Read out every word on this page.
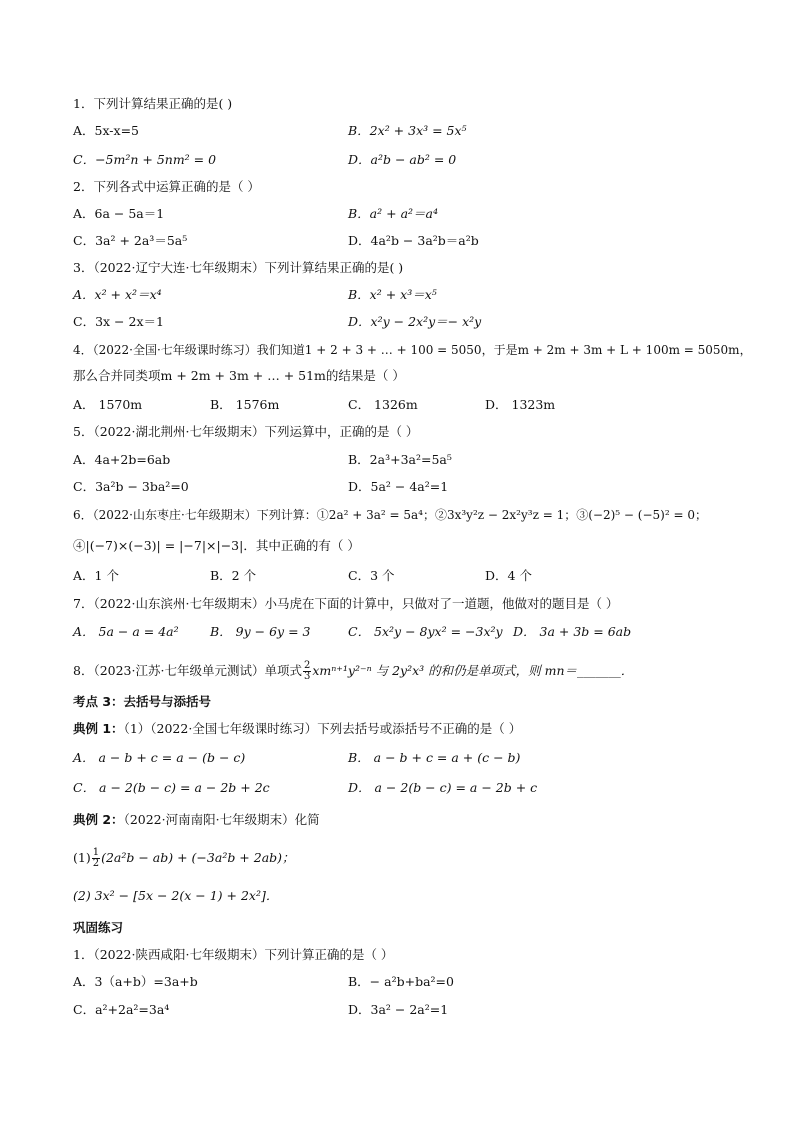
1．下列计算结果正确的是( )
A．5x-x=5	B．2x² + 3x³ = 5x⁵
C．−5m²n + 5nm² = 0	D．a²b − ab² = 0
2．下列各式中运算正确的是（ ）
A．6a − 5a＝1	B．a² + a²＝a⁴
C．3a² + 2a³＝5a⁵	D．4a²b − 3a²b＝a²b
3．（2022·辽宁大连·七年级期末）下列计算结果正确的是( )
A．x² + x²＝x⁴	B．x² + x³＝x⁵
C．3x − 2x＝1	D．x²y − 2x²y＝− x²y
4．（2022·全国·七年级课时练习）我们知道1 + 2 + 3 + … + 100 = 5050，于是m + 2m + 3m + L + 100m = 5050m，
那么合并同类项m + 2m + 3m + … + 51m的结果是（ ）
A． 1570m	B． 1576m	C． 1326m	D． 1323m
5．（2022·湖北荆州·七年级期末）下列运算中，正确的是（ ）
A．4a+2b=6ab	B．2a³+3a²=5a⁵
C．3a²b − 3ba²=0	D．5a² − 4a²=1
6．（2022·山东枣庄·七年级期末）下列计算：①2a² + 3a² = 5a⁴；②3x³y²z − 2x²y³z = 1；③(−2)⁵ − (−5)² = 0；
④|(−7)×(−3)| = |−7|×|−3|．其中正确的有（ ）
A．1 个	B．2 个	C．3 个	D．4 个
7．（2022·山东滨州·七年级期末）小马虎在下面的计算中，只做对了一道题，他做对的题目是（ ）
A． 5a − a = 4a²	B． 9y − 6y = 3	C． 5x²y − 8yx² = −3x²y D． 3a + 3b = 6ab
8．（2023·江苏·七年级单元测试）单项式 $\frac{2}{3} xm^{n+1}y^{2-n}$ 与 2y²x³ 的和仍是单项式，则 mn＝_______．
考点 3：去括号与添括号
典例 1：（1）（2022·全国七年级课时练习）下列去括号或添括号不正确的是（ ）
A． a − b + c = a − (b − c)	B． a − b + c = a + (c − b)
C． a − 2(b − c) = a − 2b + 2c	D． a − 2(b − c) = a − 2b + c
典例 2：（2022·河南南阳·七年级期末）化简
$(1) \frac{1}{2} (2a^2b - ab) + (-3a^2b + 2ab)$；
(2) 3x² − [5x − 2(x − 1) + 2x²]．
巩固练习
1．（2022·陕西咸阳·七年级期末）下列计算正确的是（ ）
A．3（a+b）=3a+b	B．− a²b+ba²=0
C．a²+2a²=3a⁴	D．3a² − 2a²=1
